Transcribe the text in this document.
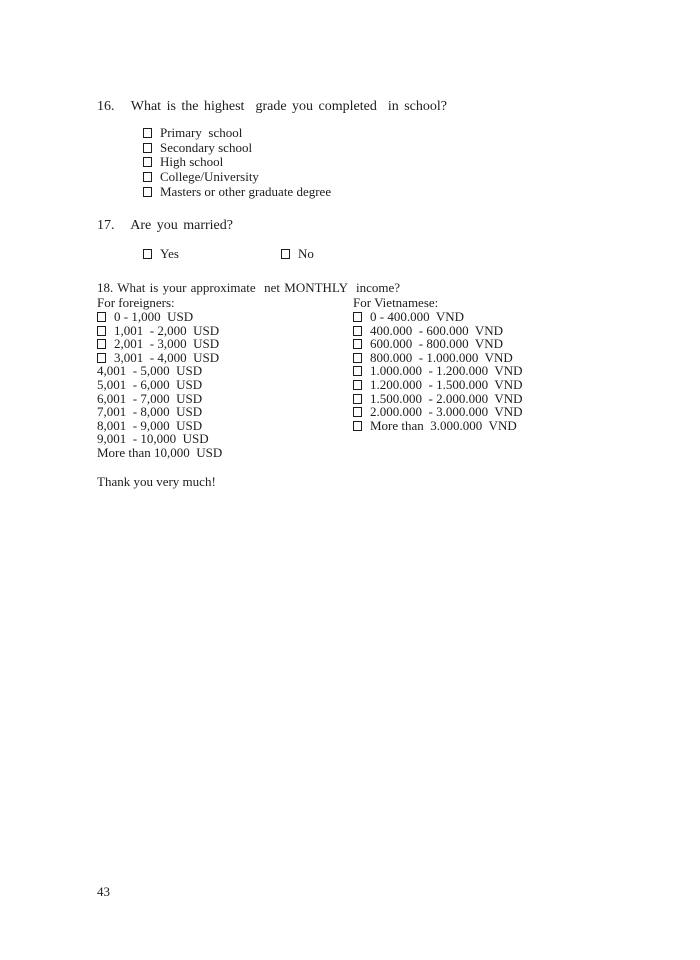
16.   What is the highest  grade you completed  in school?
Primary  school
Secondary school
High school
College/University
Masters or other graduate degree
17.   Are you married?
Yes	No
18. What is your approximate  net MONTHLY  income?
For foreigners:
0 - 1,000  USD
1,001  - 2,000  USD
2,001  - 3,000  USD
3,001  - 4,000  USD
4,001  - 5,000  USD
5,001  - 6,000  USD
6,001  - 7,000  USD
7,001  - 8,000  USD
8,001  - 9,000  USD
9,001  - 10,000  USD
More than 10,000  USD
For Vietnamese:
0 - 400.000  VND
400.000  - 600.000  VND
600.000  - 800.000  VND
800.000  - 1.000.000  VND
1.000.000  - 1.200.000  VND
1.200.000  - 1.500.000  VND
1.500.000  - 2.000.000  VND
2.000.000  - 3.000.000  VND
More than  3.000.000  VND
Thank you very much!
43
